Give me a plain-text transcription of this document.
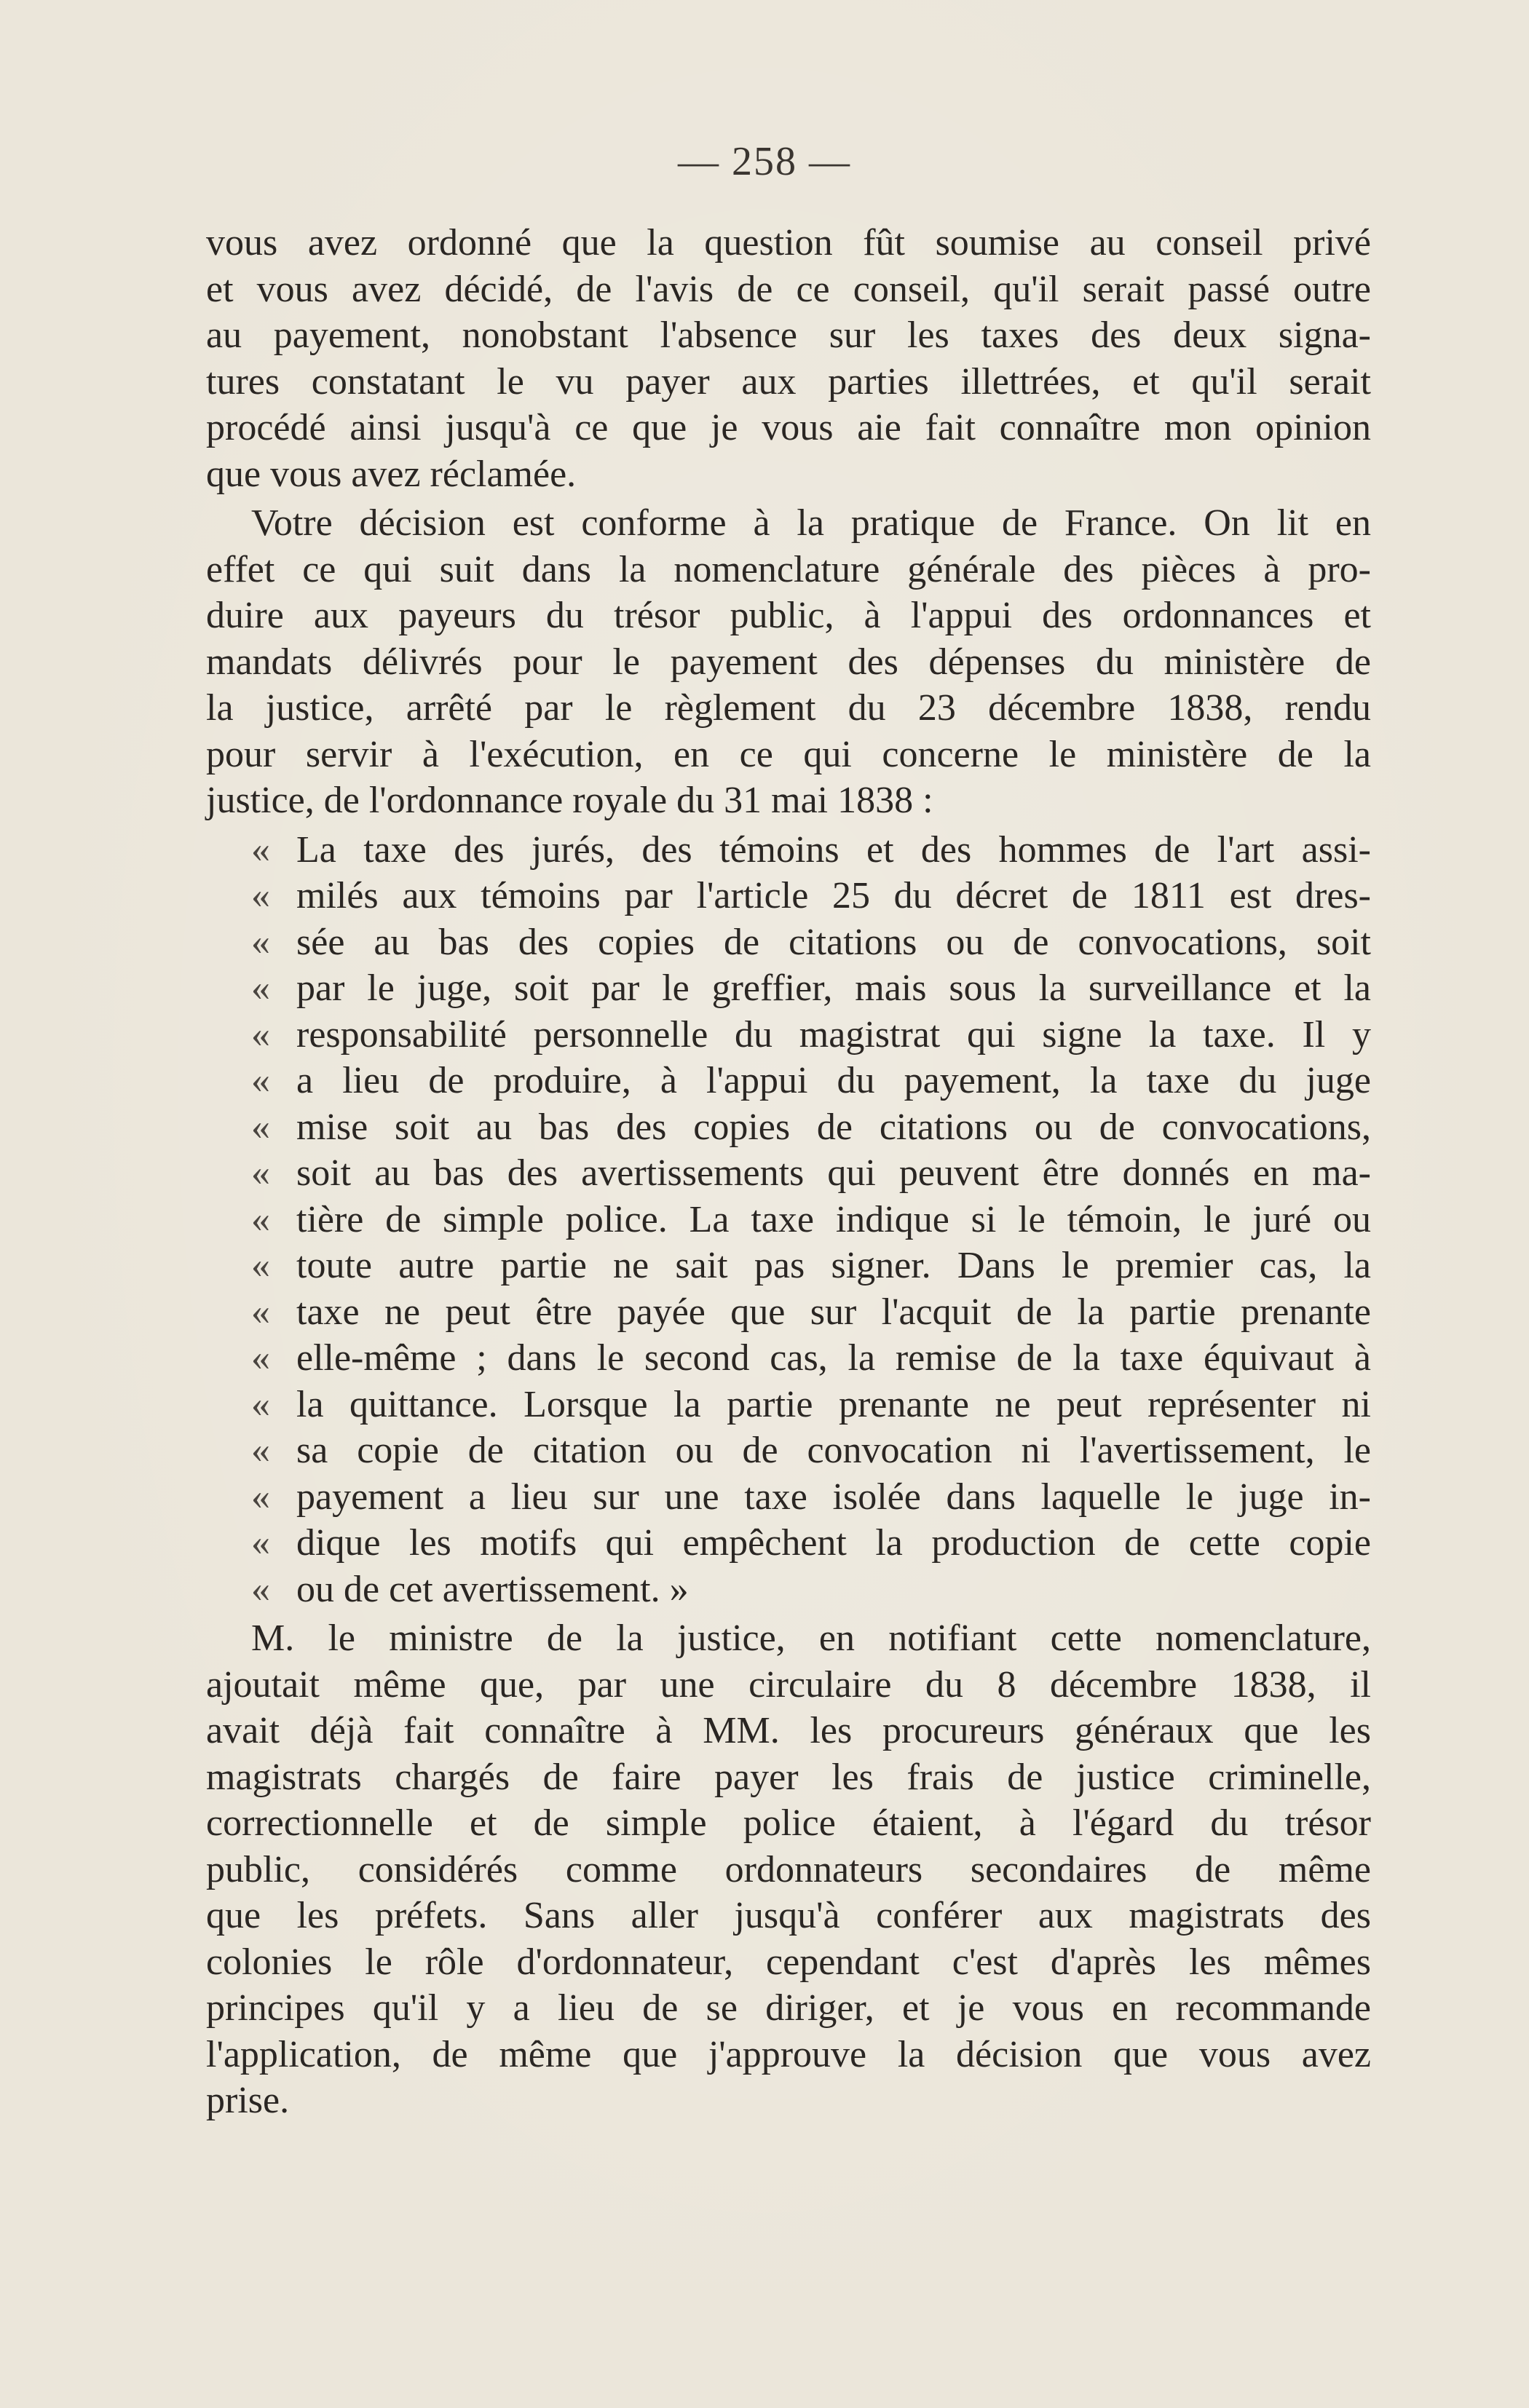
— 258 —
vous avez ordonné que la question fût soumise au conseil privé
et vous avez décidé, de l'avis de ce conseil, qu'il serait passé outre
au payement, nonobstant l'absence sur les taxes des deux signa-
tures constatant le vu payer aux parties illettrées, et qu'il serait
procédé ainsi jusqu'à ce que je vous aie fait connaître mon opinion
que vous avez réclamée.
Votre décision est conforme à la pratique de France. On lit en
effet ce qui suit dans la nomenclature générale des pièces à pro-
duire aux payeurs du trésor public, à l'appui des ordonnances et
mandats délivrés pour le payement des dépenses du ministère de
la justice, arrêté par le règlement du 23 décembre 1838, rendu
pour servir à l'exécution, en ce qui concerne le ministère de la
justice, de l'ordonnance royale du 31 mai 1838 :
« La taxe des jurés, des témoins et des hommes de l'art assi-
« milés aux témoins par l'article 25 du décret de 1811 est dres-
« sée au bas des copies de citations ou de convocations, soit
« par le juge, soit par le greffier, mais sous la surveillance et la
« responsabilité personnelle du magistrat qui signe la taxe. Il y
« a lieu de produire, à l'appui du payement, la taxe du juge
« mise soit au bas des copies de citations ou de convocations,
« soit au bas des avertissements qui peuvent être donnés en ma-
« tière de simple police. La taxe indique si le témoin, le juré ou
« toute autre partie ne sait pas signer. Dans le premier cas, la
« taxe ne peut être payée que sur l'acquit de la partie prenante
« elle-même ; dans le second cas, la remise de la taxe équivaut à
« la quittance. Lorsque la partie prenante ne peut représenter ni
« sa copie de citation ou de convocation ni l'avertissement, le
« payement a lieu sur une taxe isolée dans laquelle le juge in-
« dique les motifs qui empêchent la production de cette copie
« ou de cet avertissement. »
M. le ministre de la justice, en notifiant cette nomenclature,
ajoutait même que, par une circulaire du 8 décembre 1838, il
avait déjà fait connaître à MM. les procureurs généraux que les
magistrats chargés de faire payer les frais de justice criminelle,
correctionnelle et de simple police étaient, à l'égard du trésor
public, considérés comme ordonnateurs secondaires de même
que les préfets. Sans aller jusqu'à conférer aux magistrats des
colonies le rôle d'ordonnateur, cependant c'est d'après les mêmes
principes qu'il y a lieu de se diriger, et je vous en recommande
l'application, de même que j'approuve la décision que vous avez
prise.
